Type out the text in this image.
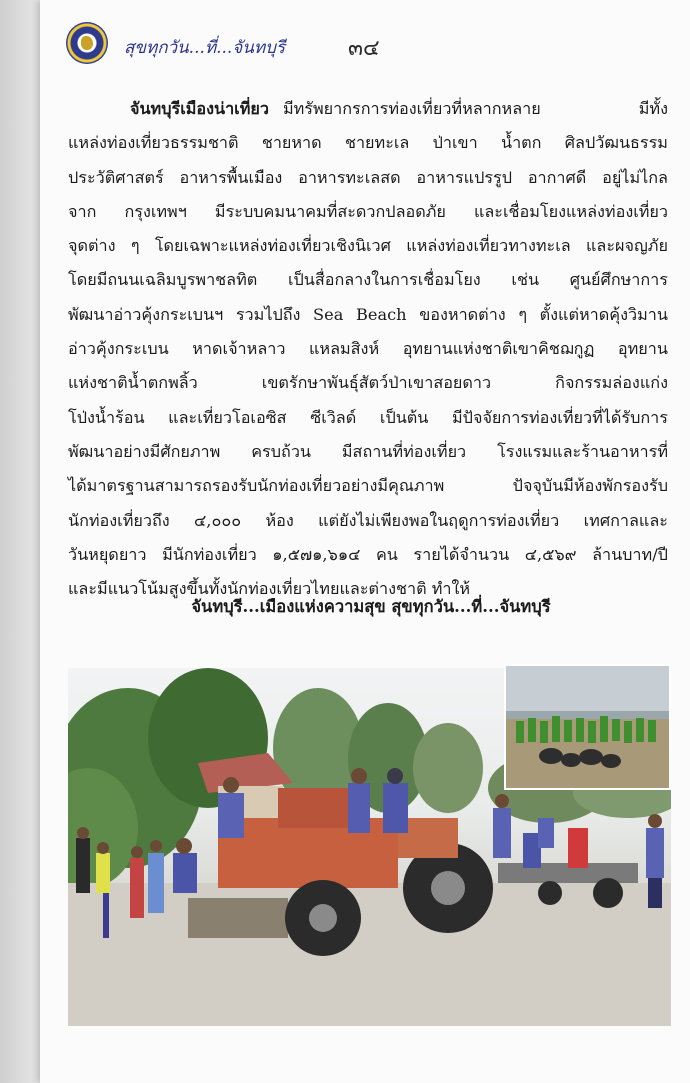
สุขทุกวัน...ที่...จันทบุรี	๓๔
จันทบุรีเมืองน่าเที่ยว มีทรัพยากรการท่องเที่ยวที่หลากหลาย	มีทั้ง
แหล่งท่องเที่ยวธรรมชาติ ชายหาด ชายทะเล ป่าเขา น้ำตก ศิลปวัฒนธรรม
ประวัติศาสตร์ อาหารพื้นเมือง อาหารทะเลสด อาหารแปรรูป อากาศดี อยู่ไม่ไกล
จาก กรุงเทพฯ มีระบบคมนาคมที่สะดวกปลอดภัย และเชื่อมโยงแหล่งท่องเที่ยว
จุดต่าง ๆ โดยเฉพาะแหล่งท่องเที่ยวเชิงนิเวศ แหล่งท่องเที่ยวทางทะเล และผจญภัย
โดยมีถนนเฉลิมบูรพาชลทิต เป็นสื่อกลางในการเชื่อมโยง เช่น ศูนย์ศึกษาการ
พัฒนาอ่าวคุ้งกระเบนฯ รวมไปถึง Sea Beach ของหาดต่าง ๆ ตั้งแต่หาดคุ้งวิมาน
อ่าวคุ้งกระเบน หาดเจ้าหลาว แหลมสิงห์ อุทยานแห่งชาติเขาคิชฌกูฏ อุทยาน
แห่งชาติน้ำตกพลิ้ว	เขตรักษาพันธุ์สัตว์ป่าเขาสอยดาว	กิจกรรมล่องแก่ง
โป่งน้ำร้อน และเที่ยวโอเอซิส ซีเวิลด์ เป็นต้น มีปัจจัยการท่องเที่ยวที่ได้รับการ
พัฒนาอย่างมีศักยภาพ ครบถ้วน มีสถานที่ท่องเที่ยว โรงแรมและร้านอาหารที่
ได้มาตรฐานสามารถรองรับนักท่องเที่ยวอย่างมีคุณภาพ	ปัจจุบันมีห้องพักรองรับ
นักท่องเที่ยวถึง ๔,๐๐๐ ห้อง แต่ยังไม่เพียงพอในฤดูการท่องเที่ยว เทศกาลและ
วันหยุดยาว มีนักท่องเที่ยว ๑,๕๗๑,๖๑๔ คน รายได้จำนวน ๔,๕๖๙ ล้านบาท/ปี
และมีแนวโน้มสูงขึ้นทั้งนักท่องเที่ยวไทยและต่างชาติ ทำให้
จันทบุรี...เมืองแห่งความสุข สุขทุกวัน...ที่...จันทบุรี
